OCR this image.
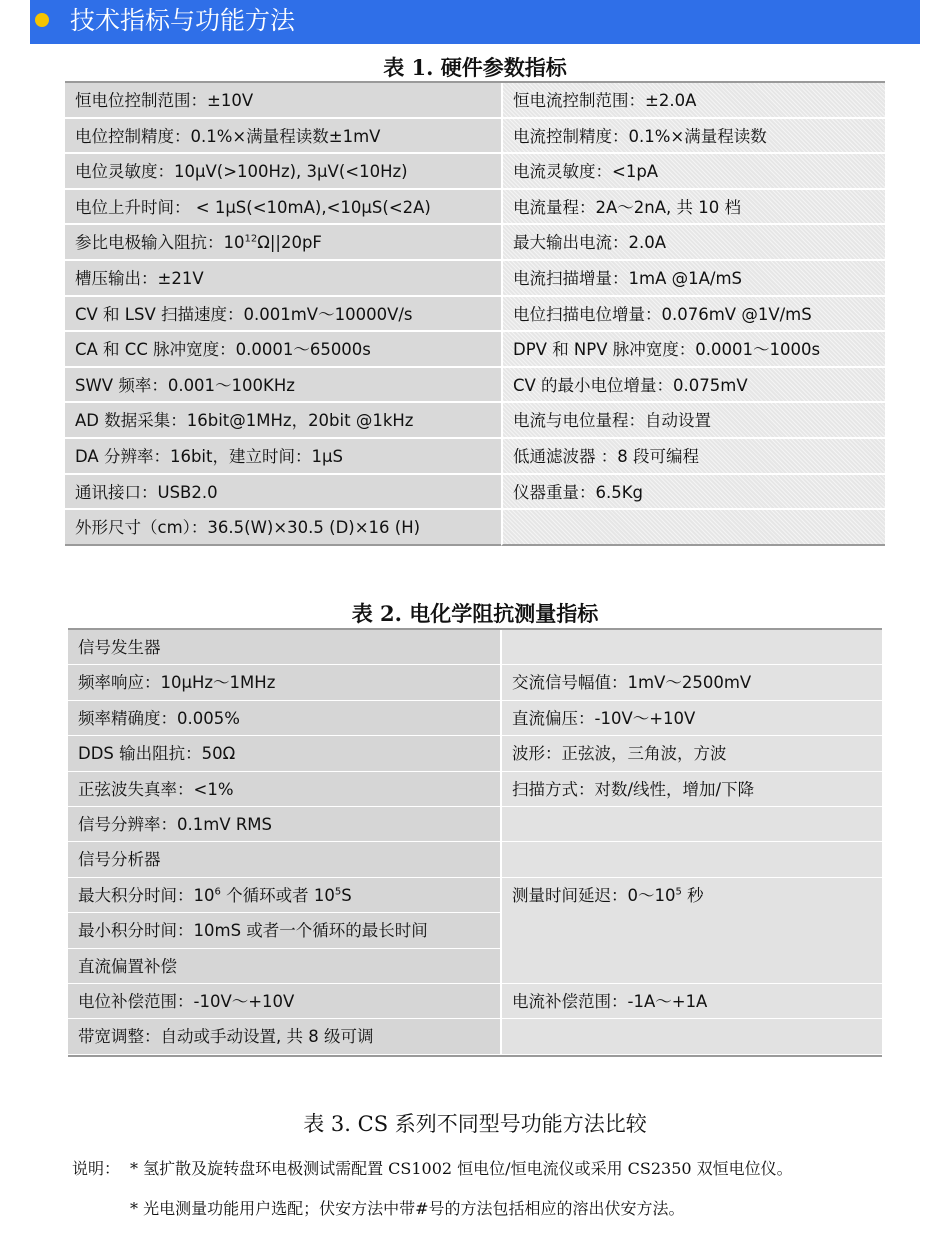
技术指标与功能方法
表 1. 硬件参数指标
恒电位控制范围：±10V	恒电流控制范围：±2.0A
电位控制精度：0.1%×满量程读数±1mV	电流控制精度：0.1%×满量程读数
电位灵敏度：10μV(>100Hz), 3μV(<10Hz)	电流灵敏度：<1pA
电位上升时间： < 1μS(<10mA),<10μS(<2A)	电流量程：2A～2nA, 共 10 档
参比电极输入阻抗：$10^{12}\Omega||20pF$	最大输出电流：2.0A
槽压输出：±21V	电流扫描增量：1mA @1A/mS
CV 和 LSV 扫描速度：0.001mV～10000V/s	电位扫描电位增量：0.076mV @1V/mS
CA 和 CC 脉冲宽度：0.0001～65000s	DPV 和 NPV 脉冲宽度：0.0001～1000s
SWV 频率：0.001～100KHz	CV 的最小电位增量：0.075mV
AD 数据采集：16bit@1MHz，20bit @1kHz	电流与电位量程：自动设置
DA 分辨率：16bit，建立时间：1μS	低通滤波器 ：8 段可编程
通讯接口：USB2.0	仪器重量：6.5Kg
外形尺寸（cm）：36.5(W)×30.5 (D)×16 (H)
表 2. 电化学阻抗测量指标
信号发生器
频率响应：10μHz～1MHz	交流信号幅值：1mV～2500mV
频率精确度：0.005%	直流偏压：-10V～+10V
DDS 输出阻抗：50Ω	波形：正弦波，三角波，方波
正弦波失真率：<1%	扫描方式：对数/线性，增加/下降
信号分辨率：0.1mV RMS
信号分析器
最大积分时间：$10^6$ 个循环或者 $10^5S$	测量时间延迟：$0\sim 10^5$ 秒
最小积分时间：10mS 或者一个循环的最长时间
直流偏置补偿
电位补偿范围：-10V～+10V	电流补偿范围：-1A～+1A
带宽调整：自动或手动设置, 共 8 级可调
表 3. CS 系列不同型号功能方法比较
说明： * 氢扩散及旋转盘环电极测试需配置 CS1002 恒电位/恒电流仪或采用 CS2350 双恒电位仪。
* 光电测量功能用户选配；伏安方法中带#号的方法包括相应的溶出伏安方法。
